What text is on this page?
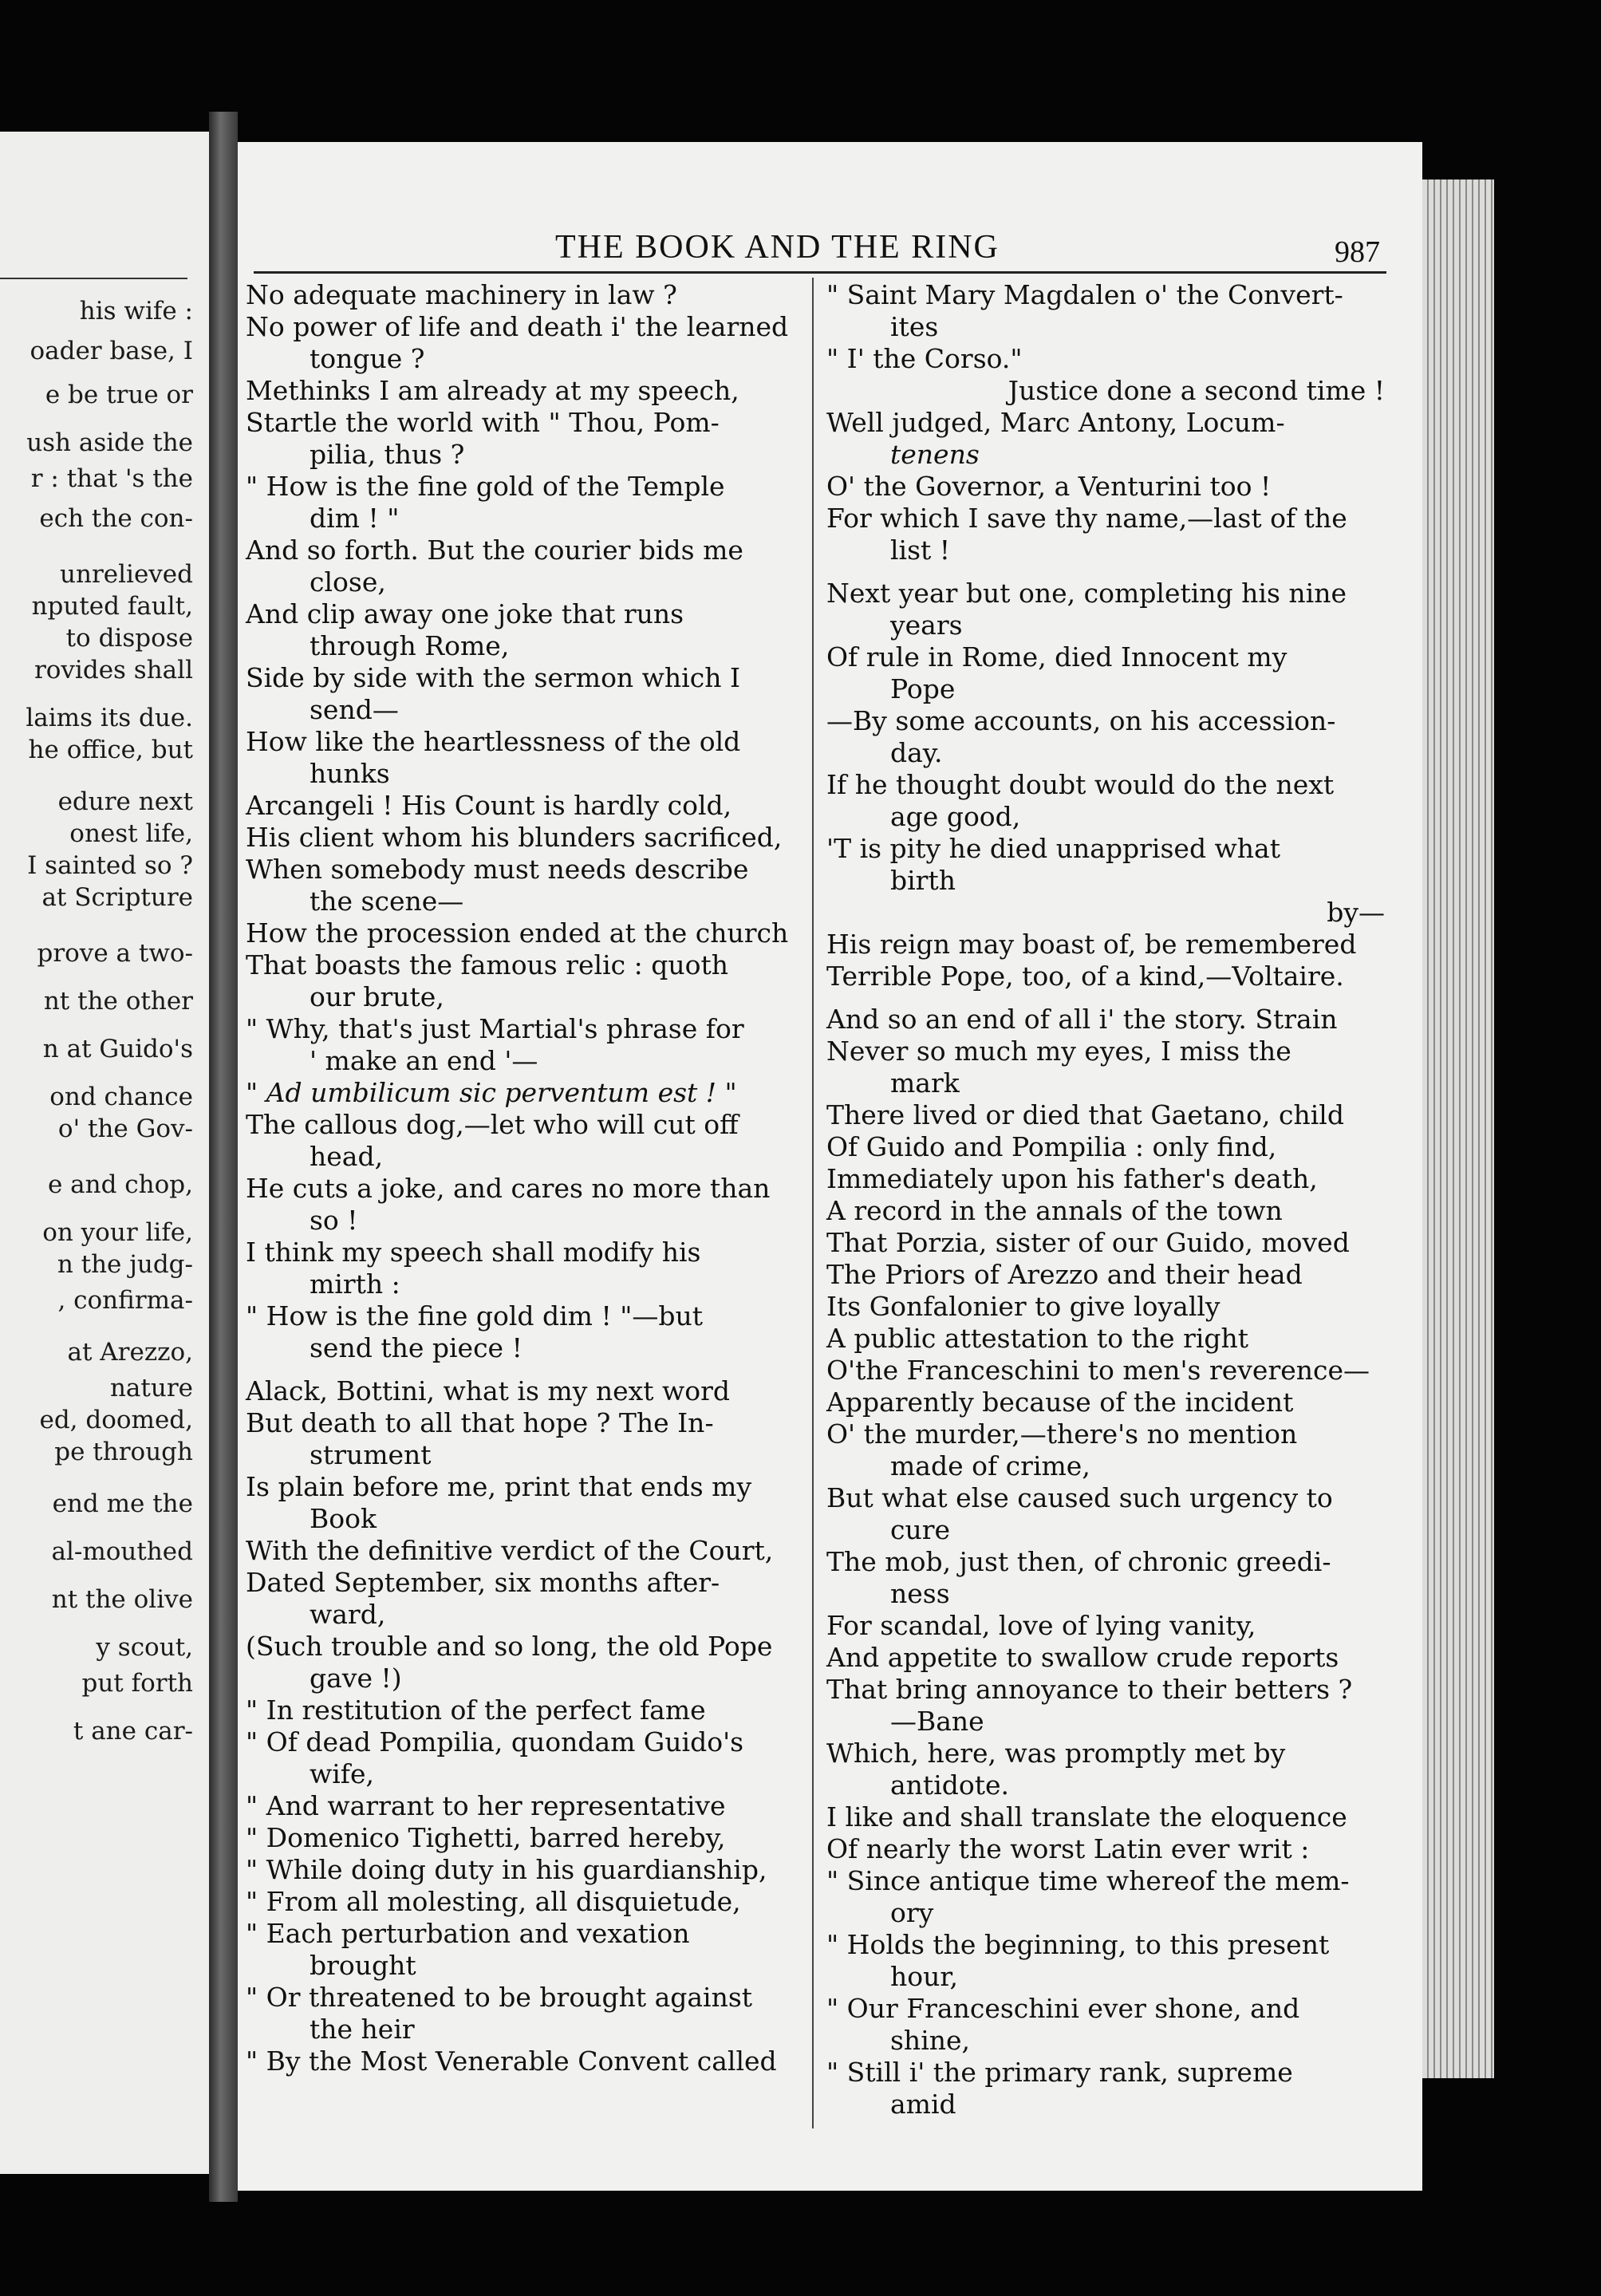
his wife :
oader base, I
e be true or
ush aside the
r : that 's the
ech the con-
unrelieved
nputed fault,
to dispose
rovides shall
laims its due.
he office, but
edure next
onest life,
I sainted so ?
at Scripture
prove a two-
nt the other
n at Guido's
ond chance
o' the Gov-
e and chop,
on your life,
n the judg-
, confirma-
at Arezzo,
nature
ed, doomed,
pe through
end me the
al-mouthed
nt the olive
y scout,
put forth
t ane car-
THE BOOK AND THE RING	987
No adequate machinery in law ?
No power of life and death i' the learned
tongue ?
Methinks I am already at my speech,
Startle the world with " Thou, Pom-
pilia, thus ?
" How is the fine gold of the Temple
dim ! "
And so forth. But the courier bids me
close,
And clip away one joke that runs
through Rome,
Side by side with the sermon which I
send—
How like the heartlessness of the old
hunks
Arcangeli ! His Count is hardly cold,
His client whom his blunders sacrificed,
When somebody must needs describe
the scene—
How the procession ended at the church
That boasts the famous relic : quoth
our brute,
" Why, that's just Martial's phrase for
' make an end '—
" Ad umbilicum sic perventum est ! "
The callous dog,—let who will cut off
head,
He cuts a joke, and cares no more than
so !
I think my speech shall modify his
mirth :
" How is the fine gold dim ! "—but
send the piece !
Alack, Bottini, what is my next word
But death to all that hope ? The In-
strument
Is plain before me, print that ends my
Book
With the definitive verdict of the Court,
Dated September, six months after-
ward,
(Such trouble and so long, the old Pope
gave !)
" In restitution of the perfect fame
" Of dead Pompilia, quondam Guido's
wife,
" And warrant to her representative
" Domenico Tighetti, barred hereby,
" While doing duty in his guardianship,
" From all molesting, all disquietude,
" Each perturbation and vexation
brought
" Or threatened to be brought against
the heir
" By the Most Venerable Convent called
" Saint Mary Magdalen o' the Convert-
ites
" I' the Corso."
Justice done a second time !
Well judged, Marc Antony, Locum-
tenens
O' the Governor, a Venturini too !
For which I save thy name,—last of the
list !
Next year but one, completing his nine
years
Of rule in Rome, died Innocent my
Pope
—By some accounts, on his accession-
day.
If he thought doubt would do the next
age good,
'T is pity he died unapprised what
birth
by—
His reign may boast of, be remembered
Terrible Pope, too, of a kind,—Voltaire.
And so an end of all i' the story. Strain
Never so much my eyes, I miss the
mark
There lived or died that Gaetano, child
Of Guido and Pompilia : only find,
Immediately upon his father's death,
A record in the annals of the town
That Porzia, sister of our Guido, moved
The Priors of Arezzo and their head
Its Gonfalonier to give loyally
A public attestation to the right
O'the Franceschini to men's reverence—
Apparently because of the incident
O' the murder,—there's no mention
made of crime,
But what else caused such urgency to
cure
The mob, just then, of chronic greedi-
ness
For scandal, love of lying vanity,
And appetite to swallow crude reports
That bring annoyance to their betters ?
—Bane
Which, here, was promptly met by
antidote.
I like and shall translate the eloquence
Of nearly the worst Latin ever writ :
" Since antique time whereof the mem-
ory
" Holds the beginning, to this present
hour,
" Our Franceschini ever shone, and
shine,
" Still i' the primary rank, supreme
amid
